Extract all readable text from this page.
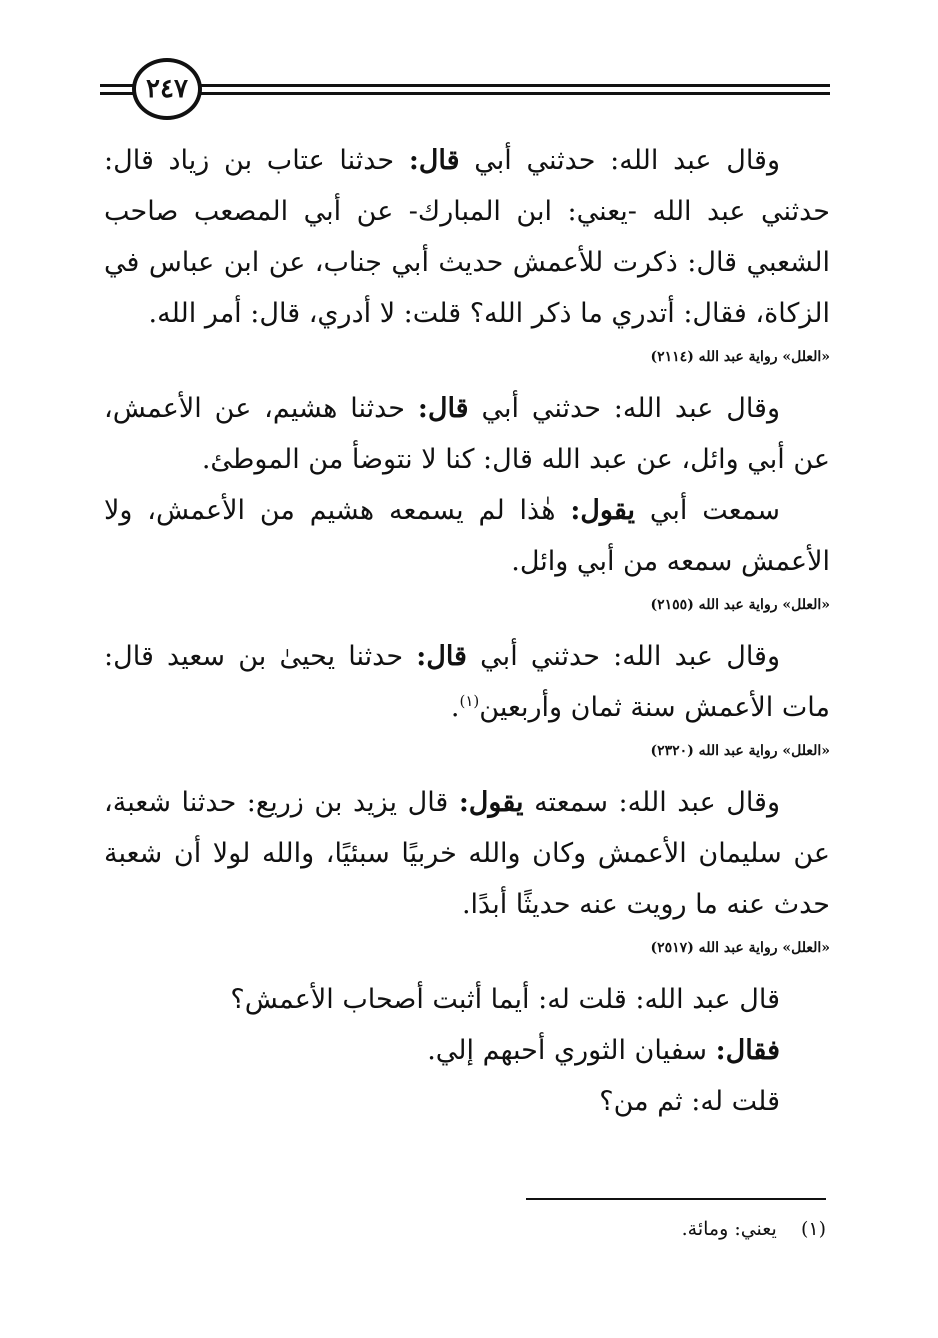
٢٤٧

وقال عبد الله: حدثني أبي قال: حدثنا عتاب بن زياد قال: حدثني عبد الله -يعني: ابن المبارك- عن أبي المصعب صاحب الشعبي قال: ذكرت للأعمش حديث أبي جناب، عن ابن عباس في الزكاة، فقال: أتدري ما ذكر الله؟ قلت: لا أدري، قال: أمر الله.

«العلل» رواية عبد الله (٢١١٤)

وقال عبد الله: حدثني أبي قال: حدثنا هشيم، عن الأعمش، عن أبي وائل، عن عبد الله قال: كنا لا نتوضأ من الموطئ.

سمعت أبي يقول: هٰذا لم يسمعه هشيم من الأعمش، ولا الأعمش سمعه من أبي وائل.

«العلل» رواية عبد الله (٢١٥٥)

وقال عبد الله: حدثني أبي قال: حدثنا يحيىٰ بن سعيد قال: مات الأعمش سنة ثمان وأربعين$^{(١)}$.

«العلل» رواية عبد الله (٢٣٢٠)

وقال عبد الله: سمعته يقول: قال يزيد بن زريع: حدثنا شعبة، عن سليمان الأعمش وكان والله خربيًا سبئيًا، والله لولا أن شعبة حدث عنه ما رويت عنه حديثًا أبدًا.

«العلل» رواية عبد الله (٢٥١٧)

قال عبد الله: قلت له: أيما أثبت أصحاب الأعمش؟

فقال: سفيان الثوري أحبهم إلي.

قلت له: ثم من؟

(١)    يعني: ومائة.
